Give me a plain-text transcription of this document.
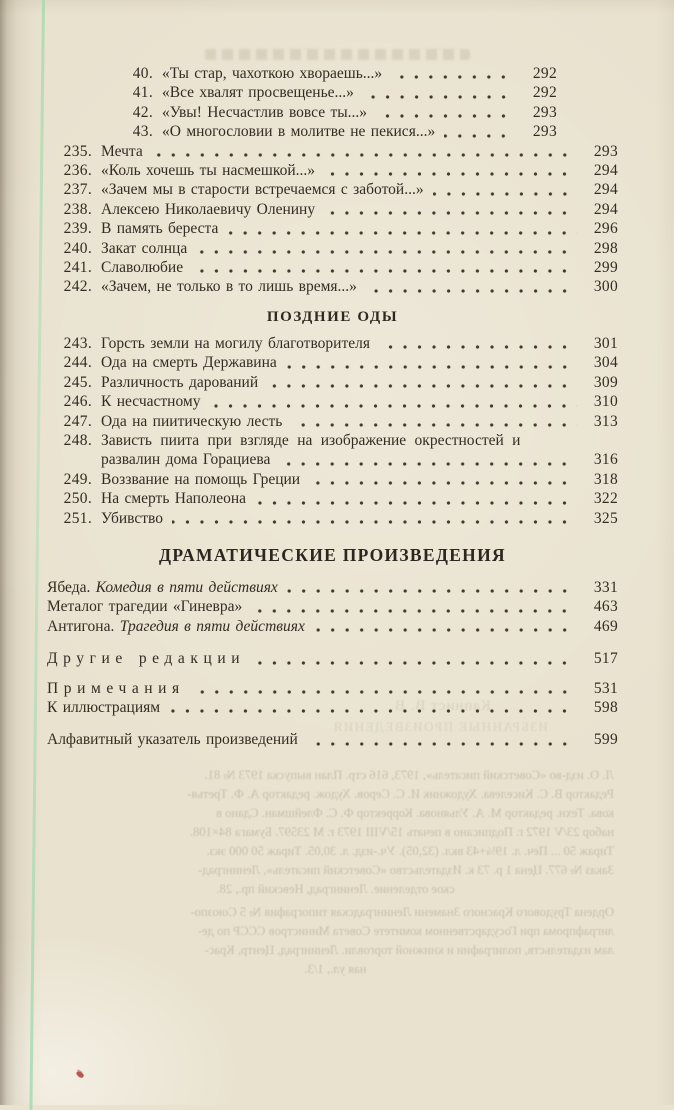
40. «Ты стар, чахоткою хвораешь...»	292
41. «Все хвалят просвещенье...»	292
42. «Увы! Несчастлив вовсе ты...»	293
43. «О многословии в молитве не пекися...»	293
235. Мечта	293
236. «Коль хочешь ты насмешкой...»	294
237. «Зачем мы в старости встречаемся с заботой...»	294
238. Алексею Николаевичу Оленину	294
239. В память береста	296
240. Закат солнца	298
241. Славолюбие	299
242. «Зачем, не только в то лишь время...»	300
ПОЗДНИЕ ОДЫ
243. Горсть земли на могилу благотворителя	301
244. Ода на смерть Державина	304
245. Различность дарований	309
246. К несчастному	310
247. Ода на пиитическую лесть	313
248. Зависть пиита при взгляде на изображение окрестностей и
развалин дома Горациева	316
249. Воззвание на помощь Греции	318
250. На смерть Наполеона	322
251. Убивство	325
ДРАМАТИЧЕСКИЕ ПРОИЗВЕДЕНИЯ
Ябеда. Комедия в пяти действиях	331
Металог трагедии «Гиневра»	463
Антигона. Трагедия в пяти действиях	469
Другие редакции	517
Примечания	531
К иллюстрациям	598
Алфавитный указатель произведений	599
Капнист В. В.
ИЗБРАННЫЕ ПРОИЗВЕДЕНИЯ
Л. О. изд-во «Советский писатель», 1973, 616 стр. План выпуска 1973 № 81.
Редактор В. С. Киселева. Художник И. С. Серов. Худож. редактор А. Ф. Третья-
кова. Техн. редактор М. А. Ульянова. Корректор Ф. С. Флейшман. Сдано в
набор 23/V 1972 г. Подписано в печать 15/VIII 1973 г. М 23597. Бумага 84×108.
Тираж 50 ... Печ. л. 19¼+43 вкл. (32,05). Уч.-изд. л. 30,05. Тираж 50 000 экз.
Заказ № 677. Цена 1 р. 73 к. Издательство «Советский писатель», Ленинград-
ское отделение. Ленинград, Невский пр., 28.
Ордена Трудового Красного Знамени Ленинградская типография № 5 Союзпо-
лиграфпрома при Государственном комитете Совета Министров СССР по де-
лам издательств, полиграфии и книжной торговли. Ленинград, Центр, Крас-
ная ул., 1/3.
